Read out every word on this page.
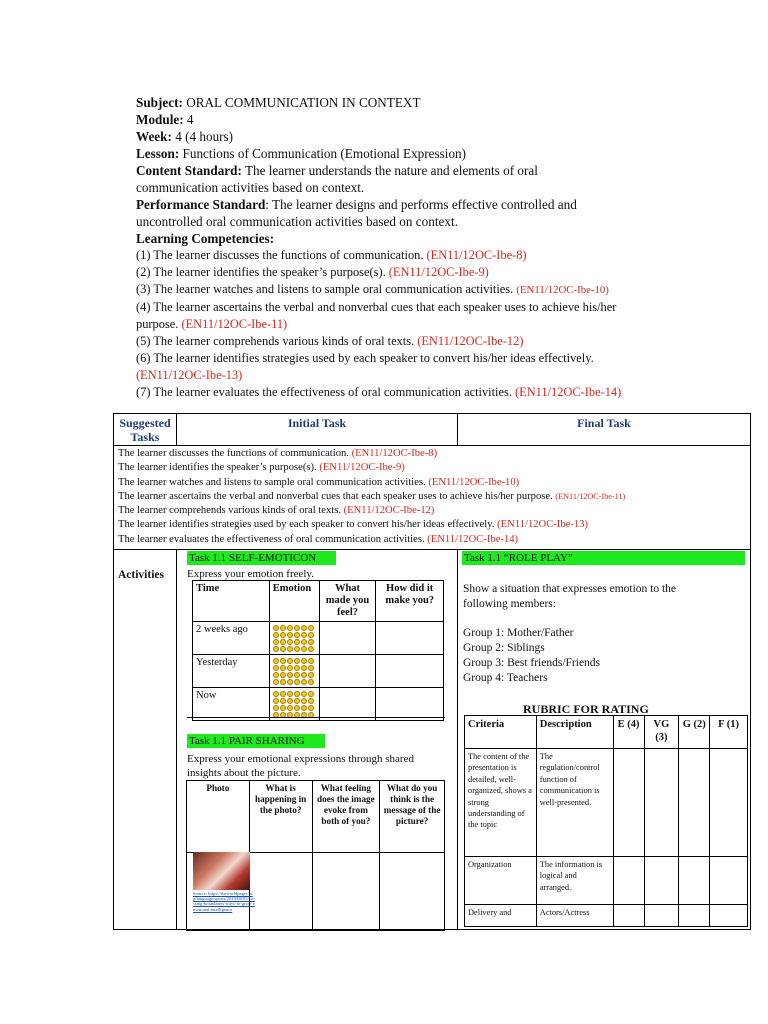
Subject: ORAL COMMUNICATION IN CONTEXT
Module: 4
Week: 4 (4 hours)
Lesson: Functions of Communication (Emotional Expression)
Content Standard: The learner understands the nature and elements of oral
communication activities based on context.
Performance Standard: The learner designs and performs effective controlled and
uncontrolled oral communication activities based on context.
Learning Competencies:
(1) The learner discusses the functions of communication. (EN11/12OC-Ibe-8)
(2) The learner identifies the speaker’s purpose(s). (EN11/12OC-Ibe-9)
(3) The learner watches and listens to sample oral communication activities. (EN11/12OC-Ibe-10)
(4) The learner ascertains the verbal and nonverbal cues that each speaker uses to achieve his/her
purpose. (EN11/12OC-Ibe-11)
(5) The learner comprehends various kinds of oral texts. (EN11/12OC-Ibe-12)
(6) The learner identifies strategies used by each speaker to convert his/her ideas effectively.
(EN11/12OC-Ibe-13)
(7) The learner evaluates the effectiveness of oral communication activities. (EN11/12OC-Ibe-14)
Suggested Tasks
Initial Task	Final Task
The learner discusses the functions of communication. (EN11/12OC-Ibe-8)
The learner identifies the speaker’s purpose(s). (EN11/12OC-Ibe-9)
The learner watches and listens to sample oral communication activities. (EN11/12OC-Ibe-10)
The learner ascertains the verbal and nonverbal cues that each speaker uses to achieve his/her purpose. (EN11/12OC-Ibe-11)
The learner comprehends various kinds of oral texts. (EN11/12OC-Ibe-12)
The learner identifies strategies used by each speaker to convert his/her ideas effectively. (EN11/12OC-Ibe-13)
The learner evaluates the effectiveness of oral communication activities. (EN11/12OC-Ibe-14)
Activities
Task 1.1 SELF-EMOTICON
Express your emotion freely.
Time	Emotion	What made you feel?	How did it make you?
2 weeks ago	

Yesterday	

Now	

Task 1.1 PAIR SHARING
Express your emotional expressions through shared
insights about the picture.
Photo	What is happening in the photo?	What feeling does the image evoke from both of you?	What do you think is the message of the picture?

Source: https://theworldpages.org/language/sports/2019/08/05/crossing-boundaries-ways-to-grow-emotional-intelligence
Task 1.1 “ROLE PLAY”
Show a situation that expresses emotion to the
following members:
Group 1: Mother/Father
Group 2: Siblings
Group 3: Best friends/Friends
Group 4: Teachers
RUBRIC FOR RATING
Criteria	Description	E (4)	VG (3)	G (2)	F (1)
The content of the presentation is detailed, well-organized, shows a strong understanding of the topic	The regulation/control function of communication is well-presented.				
Organization	The information is logical and arranged.				
Delivery and	Actors/Actress				
